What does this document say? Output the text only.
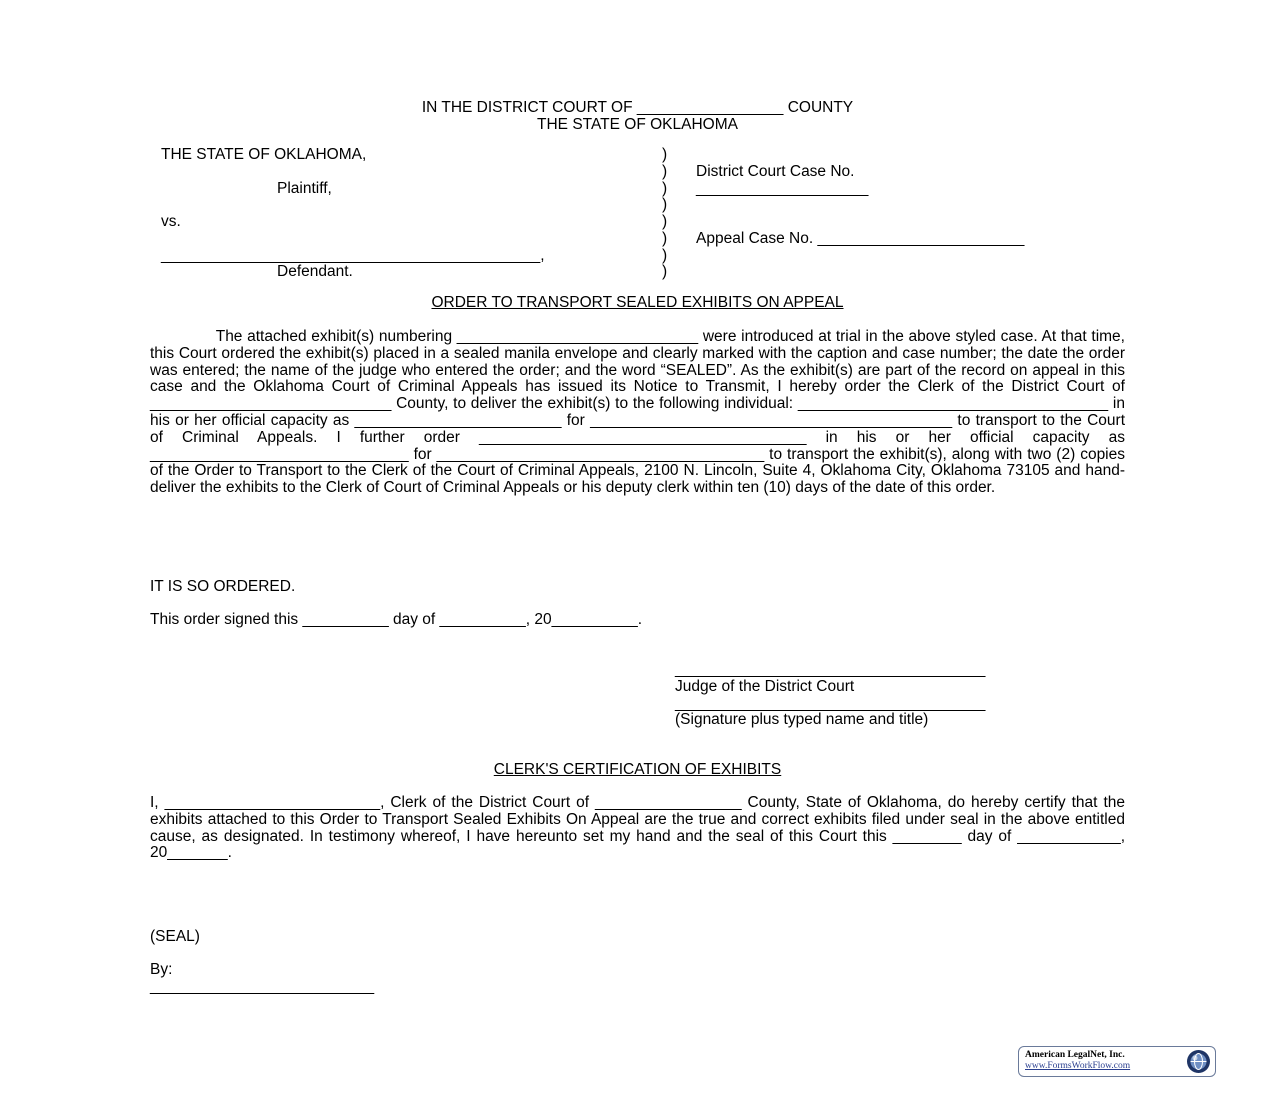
IN THE DISTRICT COURT OF _________________ COUNTY
THE STATE OF OKLAHOMA
THE STATE OF OKLAHOMA,
Plaintiff,
vs.
____________________________________________,
Defendant.
)
)
)
)
)
)
)
)
District Court Case No.
____________________
Appeal Case No. ________________________
ORDER TO TRANSPORT SEALED EXHIBITS ON APPEAL
The attached exhibit(s) numbering ____________________________ were introduced at trial in the above styled case. At that time, this Court ordered the exhibit(s) placed in a sealed manila envelope and clearly marked with the caption and case number; the date the order was entered; the name of the judge who entered the order; and the word “SEALED”. As the exhibit(s) are part of the record on appeal in this case and the Oklahoma Court of Criminal Appeals has issued its Notice to Transmit, I hereby order the Clerk of the District Court of ____________________________ County, to deliver the exhibit(s) to the following individual: ____________________________________ in his or her official capacity as ________________________ for __________________________________________ to transport to the Court of Criminal Appeals. I further order ______________________________________ in his or her official capacity as ______________________________ for ______________________________________ to transport the exhibit(s), along with two (2) copies of the Order to Transport to the Clerk of the Court of Criminal Appeals, 2100 N. Lincoln, Suite 4, Oklahoma City, Oklahoma 73105 and hand-deliver the exhibits to the Clerk of Court of Criminal Appeals or his deputy clerk within ten (10) days of the date of this order.
IT IS SO ORDERED.
This order signed this __________ day of __________, 20__________.
____________________________________
Judge of the District Court
____________________________________
(Signature plus typed name and title)
CLERK'S CERTIFICATION OF EXHIBITS
I, _________________________, Clerk of the District Court of _________________ County, State of Oklahoma, do hereby certify that the exhibits attached to this Order to Transport Sealed Exhibits On Appeal are the true and correct exhibits filed under seal in the above entitled cause, as designated. In testimony whereof, I have hereunto set my hand and the seal of this Court this ________ day of ____________, 20_______.
(SEAL)
By:
__________________________
American LegalNet, Inc.
www.FormsWorkFlow.com
